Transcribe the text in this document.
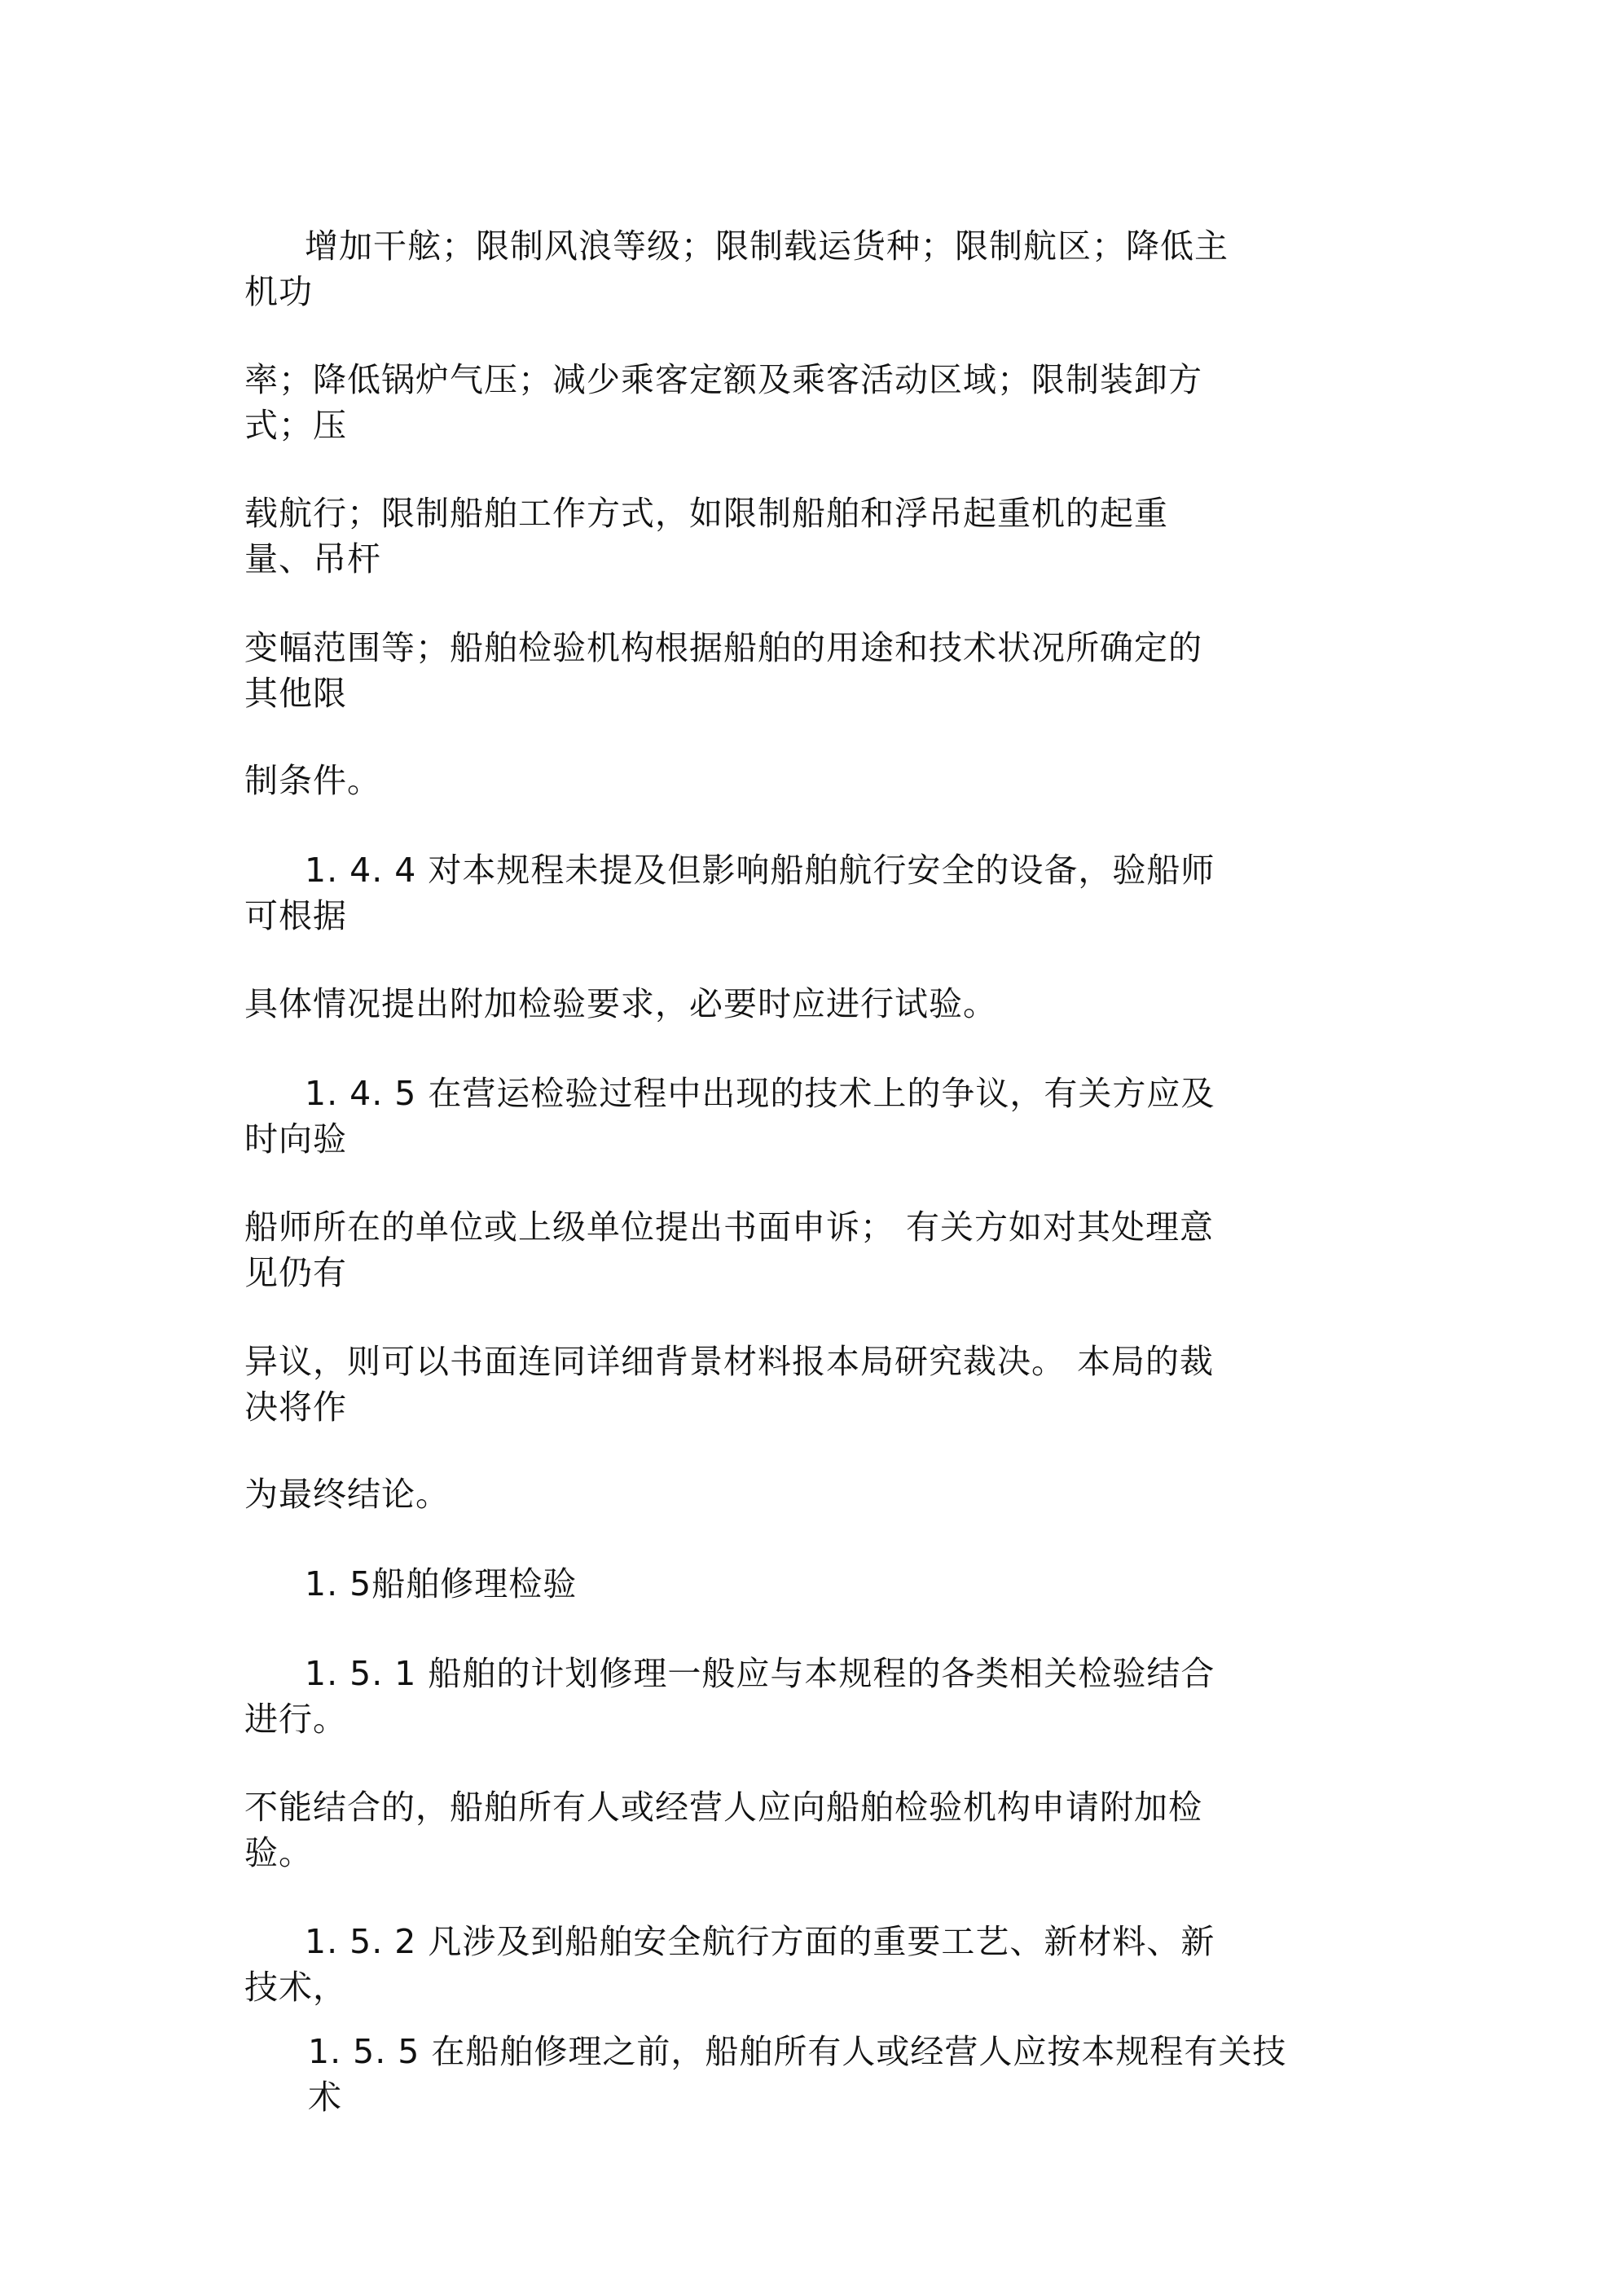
增加干舷；限制风浪等级；限制载运货种；限制航区；降低主
机功

率；降低锅炉气压；减少乘客定额及乘客活动区域；限制装卸方
式；压

载航行；限制船舶工作方式，如限制船舶和浮吊起重机的起重
量、吊杆

变幅范围等；船舶检验机构根据船舶的用途和技术状况所确定的
其他限

制条件。

1. 4. 4 对本规程未提及但影响船舶航行安全的设备，验船师
可根据

具体情况提出附加检验要求，必要时应进行试验。

1. 4. 5 在营运检验过程中出现的技术上的争议，有关方应及
时向验

船师所在的单位或上级单位提出书面申诉； 有关方如对其处理意
见仍有

异议，则可以书面连同详细背景材料报本局研究裁决。 本局的裁
决将作

为最终结论。

1. 5船舶修理检验

1. 5. 1 船舶的计划修理一般应与本规程的各类相关检验结合
进行。

不能结合的，船舶所有人或经营人应向船舶检验机构申请附加检
验。

1. 5. 2 凡涉及到船舶安全航行方面的重要工艺、新材料、新
技术，

1. 5. 5 在船舶修理之前，船舶所有人或经营人应按本规程有关技
术
